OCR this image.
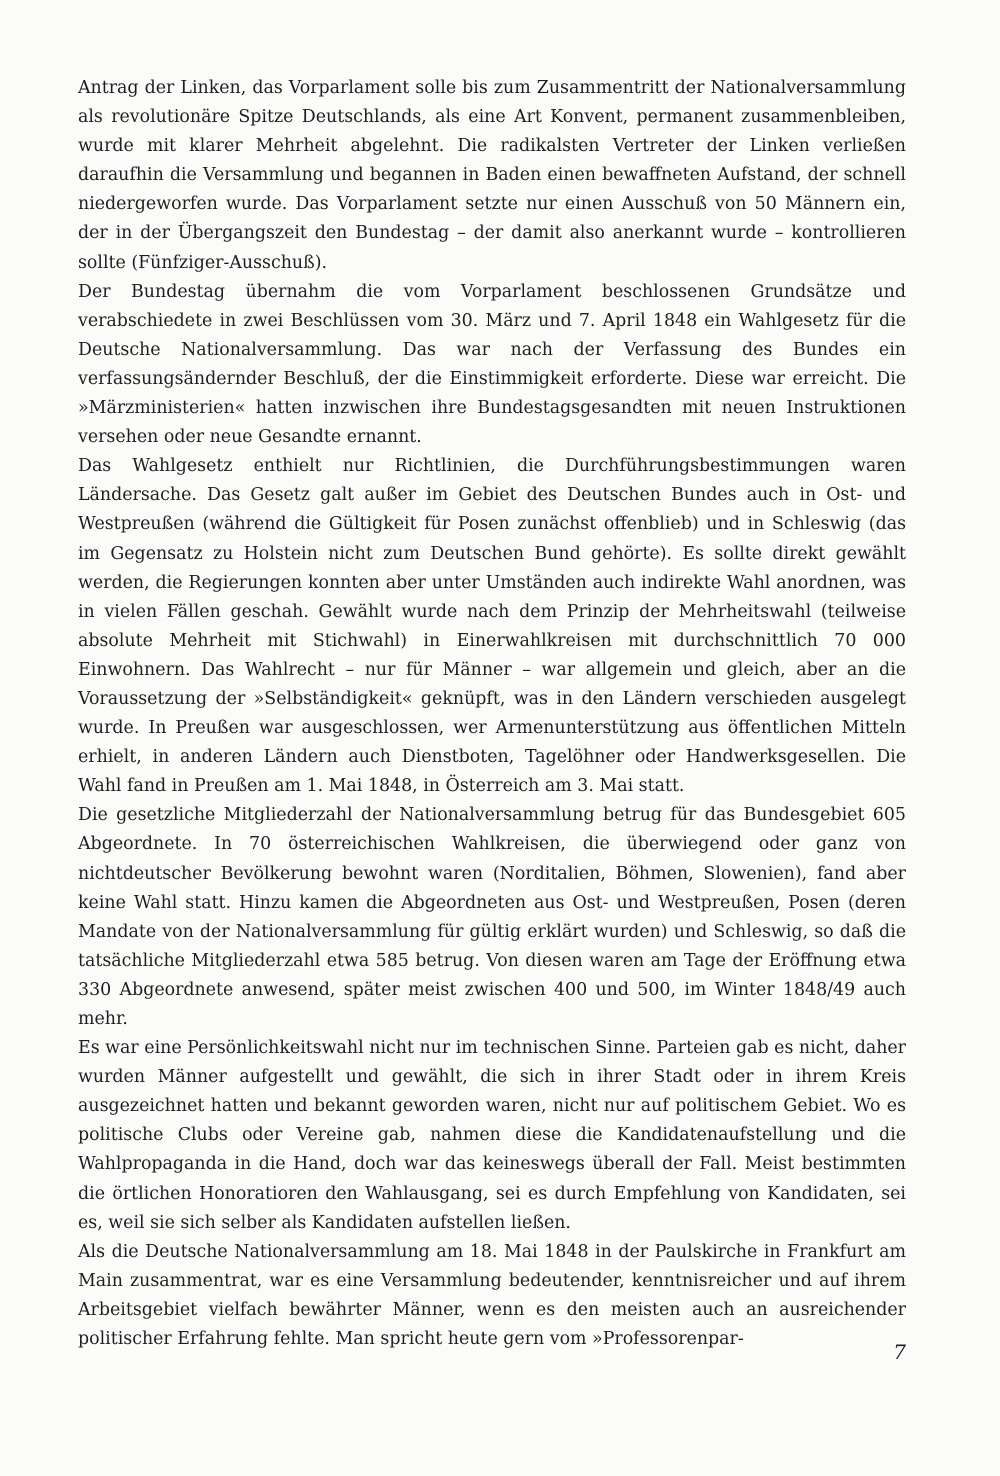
Antrag der Linken, das Vorparlament solle bis zum Zusammentritt der Nationalversammlung als revolutionäre Spitze Deutschlands, als eine Art Konvent, permanent zusammenbleiben, wurde mit klarer Mehrheit abgelehnt. Die radikalsten Vertreter der Linken verließen daraufhin die Versammlung und begannen in Baden einen bewaffneten Aufstand, der schnell niedergeworfen wurde. Das Vorparlament setzte nur einen Ausschuß von 50 Männern ein, der in der Übergangszeit den Bundestag – der damit also anerkannt wurde – kontrollieren sollte (Fünfziger-Ausschuß).

Der Bundestag übernahm die vom Vorparlament beschlossenen Grundsätze und verabschiedete in zwei Beschlüssen vom 30. März und 7. April 1848 ein Wahlgesetz für die Deutsche Nationalversammlung. Das war nach der Verfassung des Bundes ein verfassungsändernder Beschluß, der die Einstimmigkeit erforderte. Diese war erreicht. Die »Märzministerien« hatten inzwischen ihre Bundestagsgesandten mit neuen Instruktionen versehen oder neue Gesandte ernannt.

Das Wahlgesetz enthielt nur Richtlinien, die Durchführungsbestimmungen waren Ländersache. Das Gesetz galt außer im Gebiet des Deutschen Bundes auch in Ost- und Westpreußen (während die Gültigkeit für Posen zunächst offenblieb) und in Schleswig (das im Gegensatz zu Holstein nicht zum Deutschen Bund gehörte). Es sollte direkt gewählt werden, die Regierungen konnten aber unter Umständen auch indirekte Wahl anordnen, was in vielen Fällen geschah. Gewählt wurde nach dem Prinzip der Mehrheitswahl (teilweise absolute Mehrheit mit Stichwahl) in Einerwahlkreisen mit durchschnittlich 70 000 Einwohnern. Das Wahlrecht – nur für Männer – war allgemein und gleich, aber an die Voraussetzung der »Selbständigkeit« geknüpft, was in den Ländern verschieden ausgelegt wurde. In Preußen war ausgeschlossen, wer Armenunterstützung aus öffentlichen Mitteln erhielt, in anderen Ländern auch Dienstboten, Tagelöhner oder Handwerksgesellen. Die Wahl fand in Preußen am 1. Mai 1848, in Österreich am 3. Mai statt.

Die gesetzliche Mitgliederzahl der Nationalversammlung betrug für das Bundesgebiet 605 Abgeordnete. In 70 österreichischen Wahlkreisen, die überwiegend oder ganz von nichtdeutscher Bevölkerung bewohnt waren (Norditalien, Böhmen, Slowenien), fand aber keine Wahl statt. Hinzu kamen die Abgeordneten aus Ost- und Westpreußen, Posen (deren Mandate von der Nationalversammlung für gültig erklärt wurden) und Schleswig, so daß die tatsächliche Mitgliederzahl etwa 585 betrug. Von diesen waren am Tage der Eröffnung etwa 330 Abgeordnete anwesend, später meist zwischen 400 und 500, im Winter 1848/49 auch mehr.

Es war eine Persönlichkeitswahl nicht nur im technischen Sinne. Parteien gab es nicht, daher wurden Männer aufgestellt und gewählt, die sich in ihrer Stadt oder in ihrem Kreis ausgezeichnet hatten und bekannt geworden waren, nicht nur auf politischem Gebiet. Wo es politische Clubs oder Vereine gab, nahmen diese die Kandidatenaufstellung und die Wahlpropaganda in die Hand, doch war das keineswegs überall der Fall. Meist bestimmten die örtlichen Honoratioren den Wahlausgang, sei es durch Empfehlung von Kandidaten, sei es, weil sie sich selber als Kandidaten aufstellen ließen.

Als die Deutsche Nationalversammlung am 18. Mai 1848 in der Paulskirche in Frankfurt am Main zusammentrat, war es eine Versammlung bedeutender, kenntnisreicher und auf ihrem Arbeitsgebiet vielfach bewährter Männer, wenn es den meisten auch an ausreichender politischer Erfahrung fehlte. Man spricht heute gern vom »Professorenpar-

7
